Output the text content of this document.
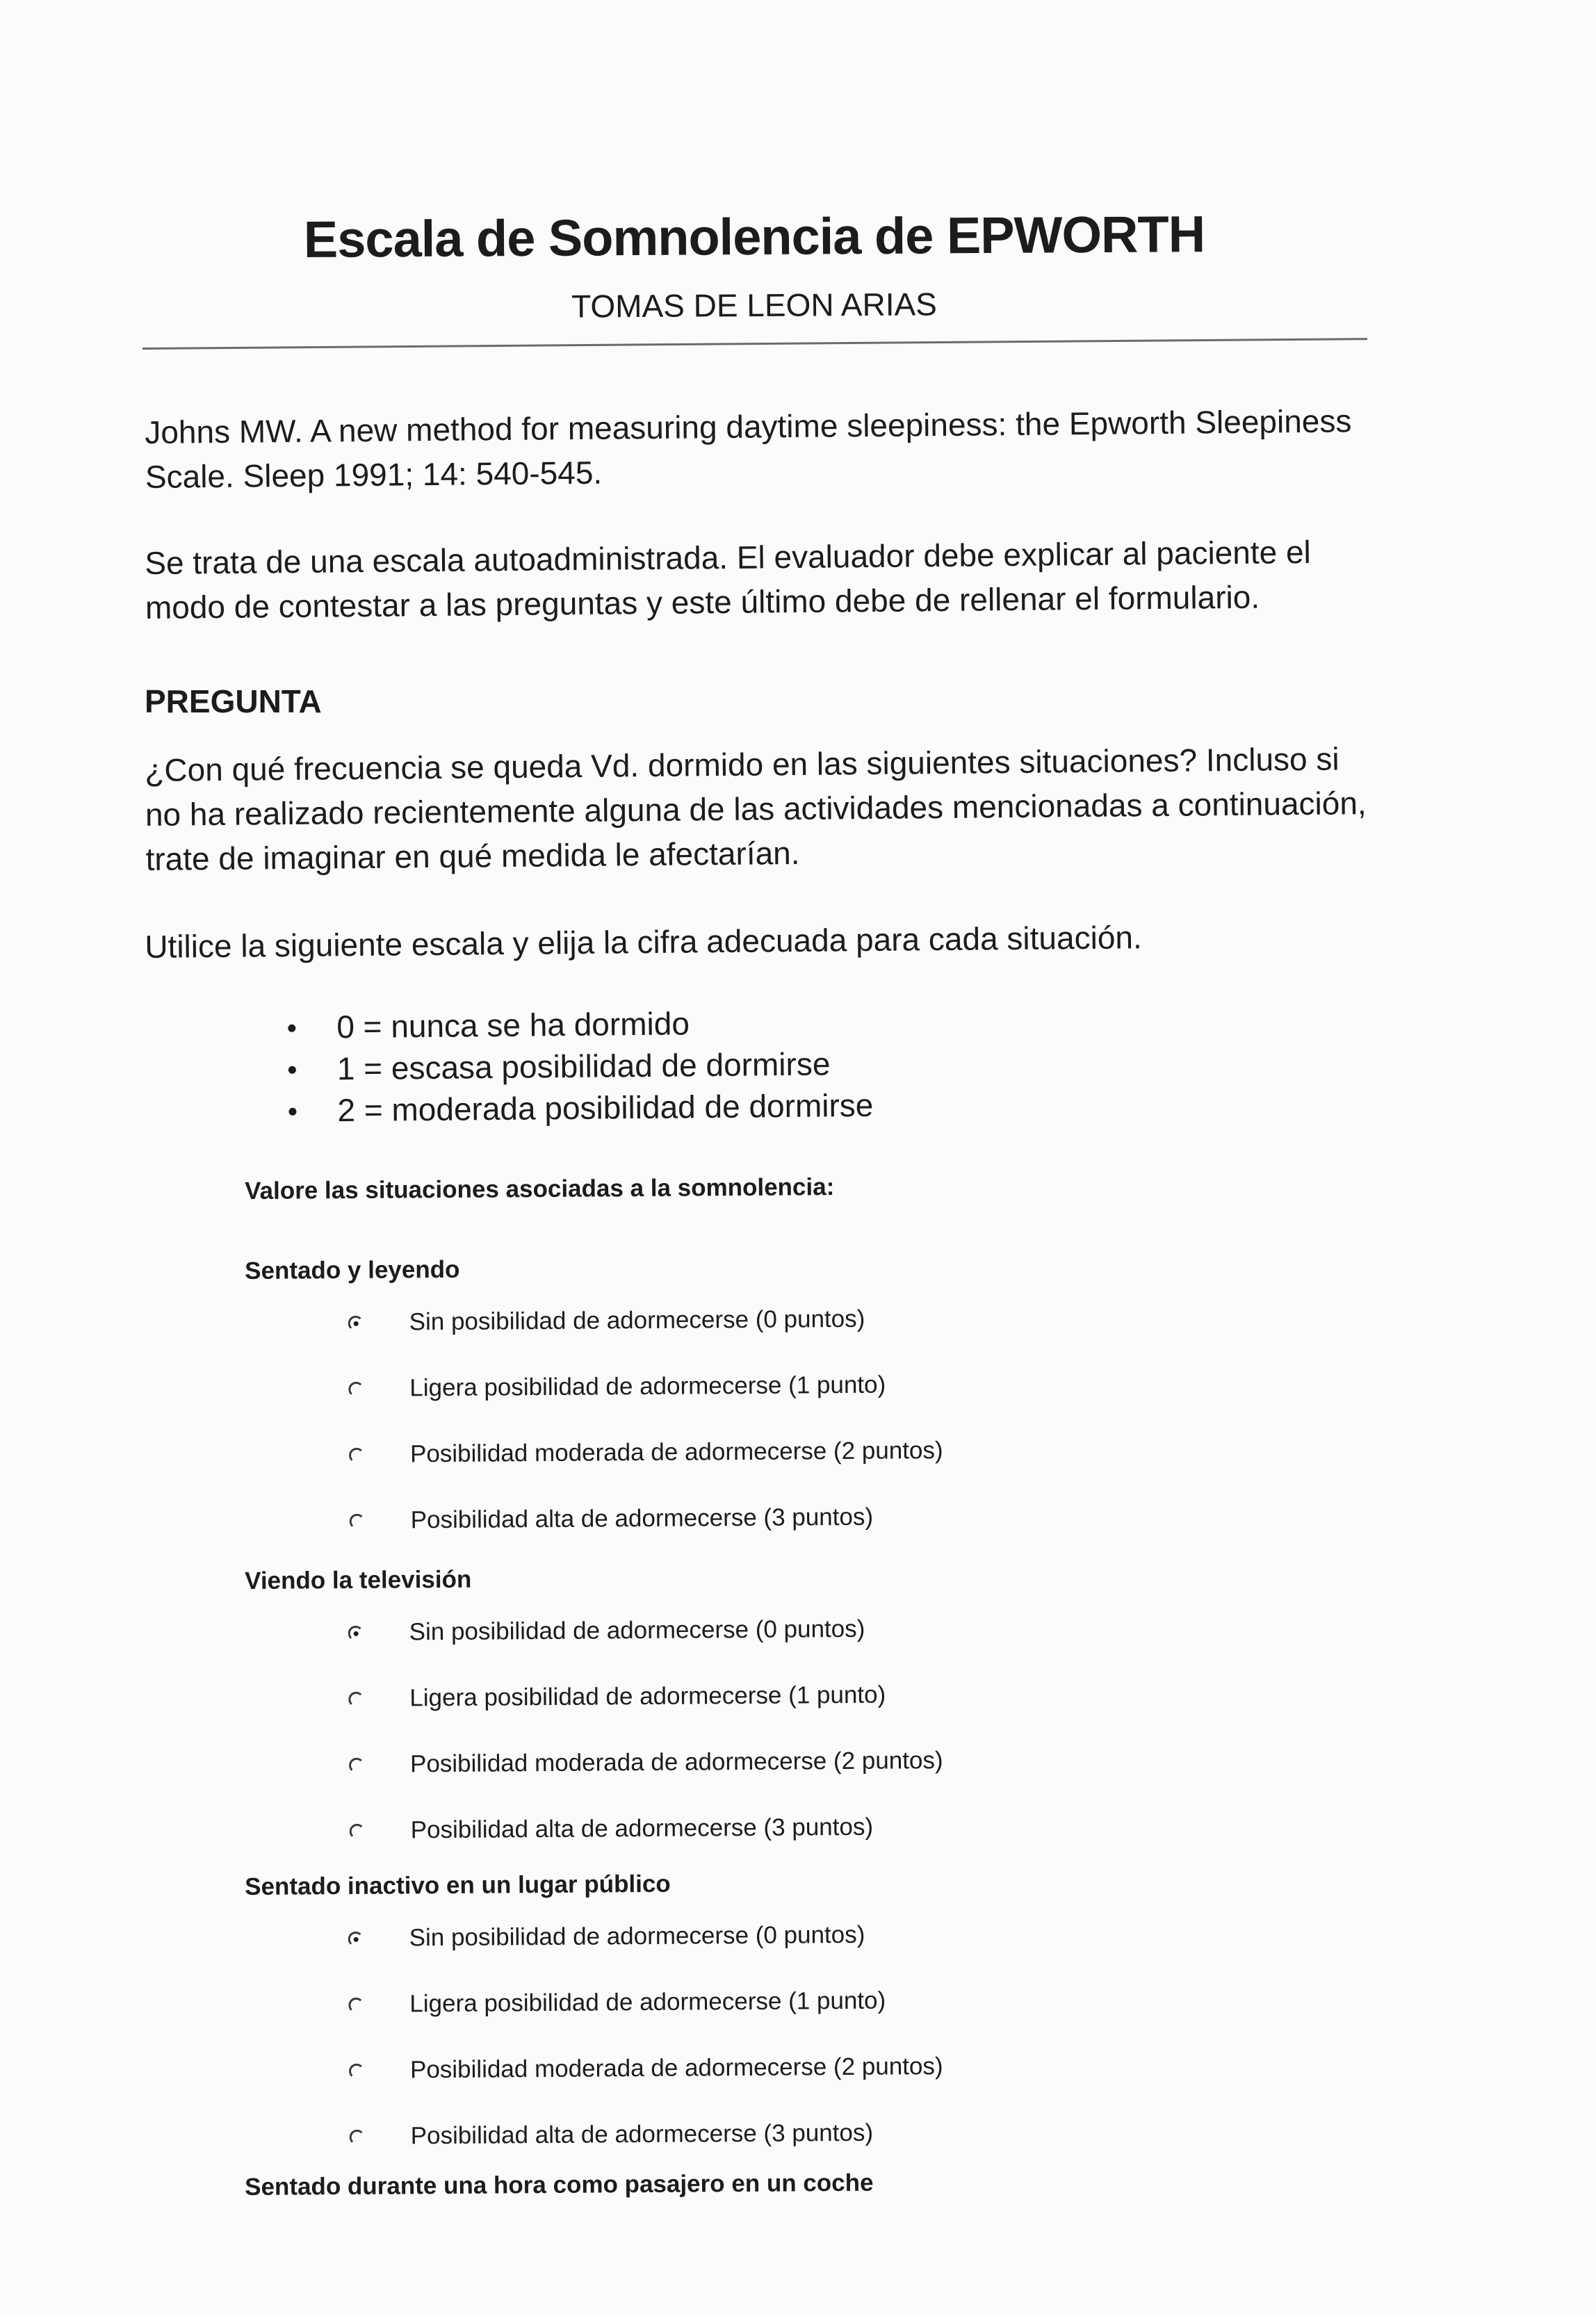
Escala de Somnolencia de EPWORTH
TOMAS DE LEON ARIAS

Johns MW. A new method for measuring daytime sleepiness: the Epworth Sleepiness Scale. Sleep 1991; 14: 540-545.

Se trata de una escala autoadministrada. El evaluador debe explicar al paciente el modo de contestar a las preguntas y este último debe de rellenar el formulario.

PREGUNTA

¿Con qué frecuencia se queda Vd. dormido en las siguientes situaciones? Incluso si no ha realizado recientemente alguna de las actividades mencionadas a continuación, trate de imaginar en qué medida le afectarían.

Utilice la siguiente escala y elija la cifra adecuada para cada situación.

0 = nunca se ha dormido
1 = escasa posibilidad de dormirse
2 = moderada posibilidad de dormirse
Valore las situaciones asociadas a la somnolencia:
Sentado y leyendo
Sin posibilidad de adormecerse (0 puntos)
Ligera posibilidad de adormecerse (1 punto)
Posibilidad moderada de adormecerse (2 puntos)
Posibilidad alta de adormecerse (3 puntos)
Viendo la televisión
Sin posibilidad de adormecerse (0 puntos)
Ligera posibilidad de adormecerse (1 punto)
Posibilidad moderada de adormecerse (2 puntos)
Posibilidad alta de adormecerse (3 puntos)
Sentado inactivo en un lugar público
Sin posibilidad de adormecerse (0 puntos)
Ligera posibilidad de adormecerse (1 punto)
Posibilidad moderada de adormecerse (2 puntos)
Posibilidad alta de adormecerse (3 puntos)
Sentado durante una hora como pasajero en un coche
